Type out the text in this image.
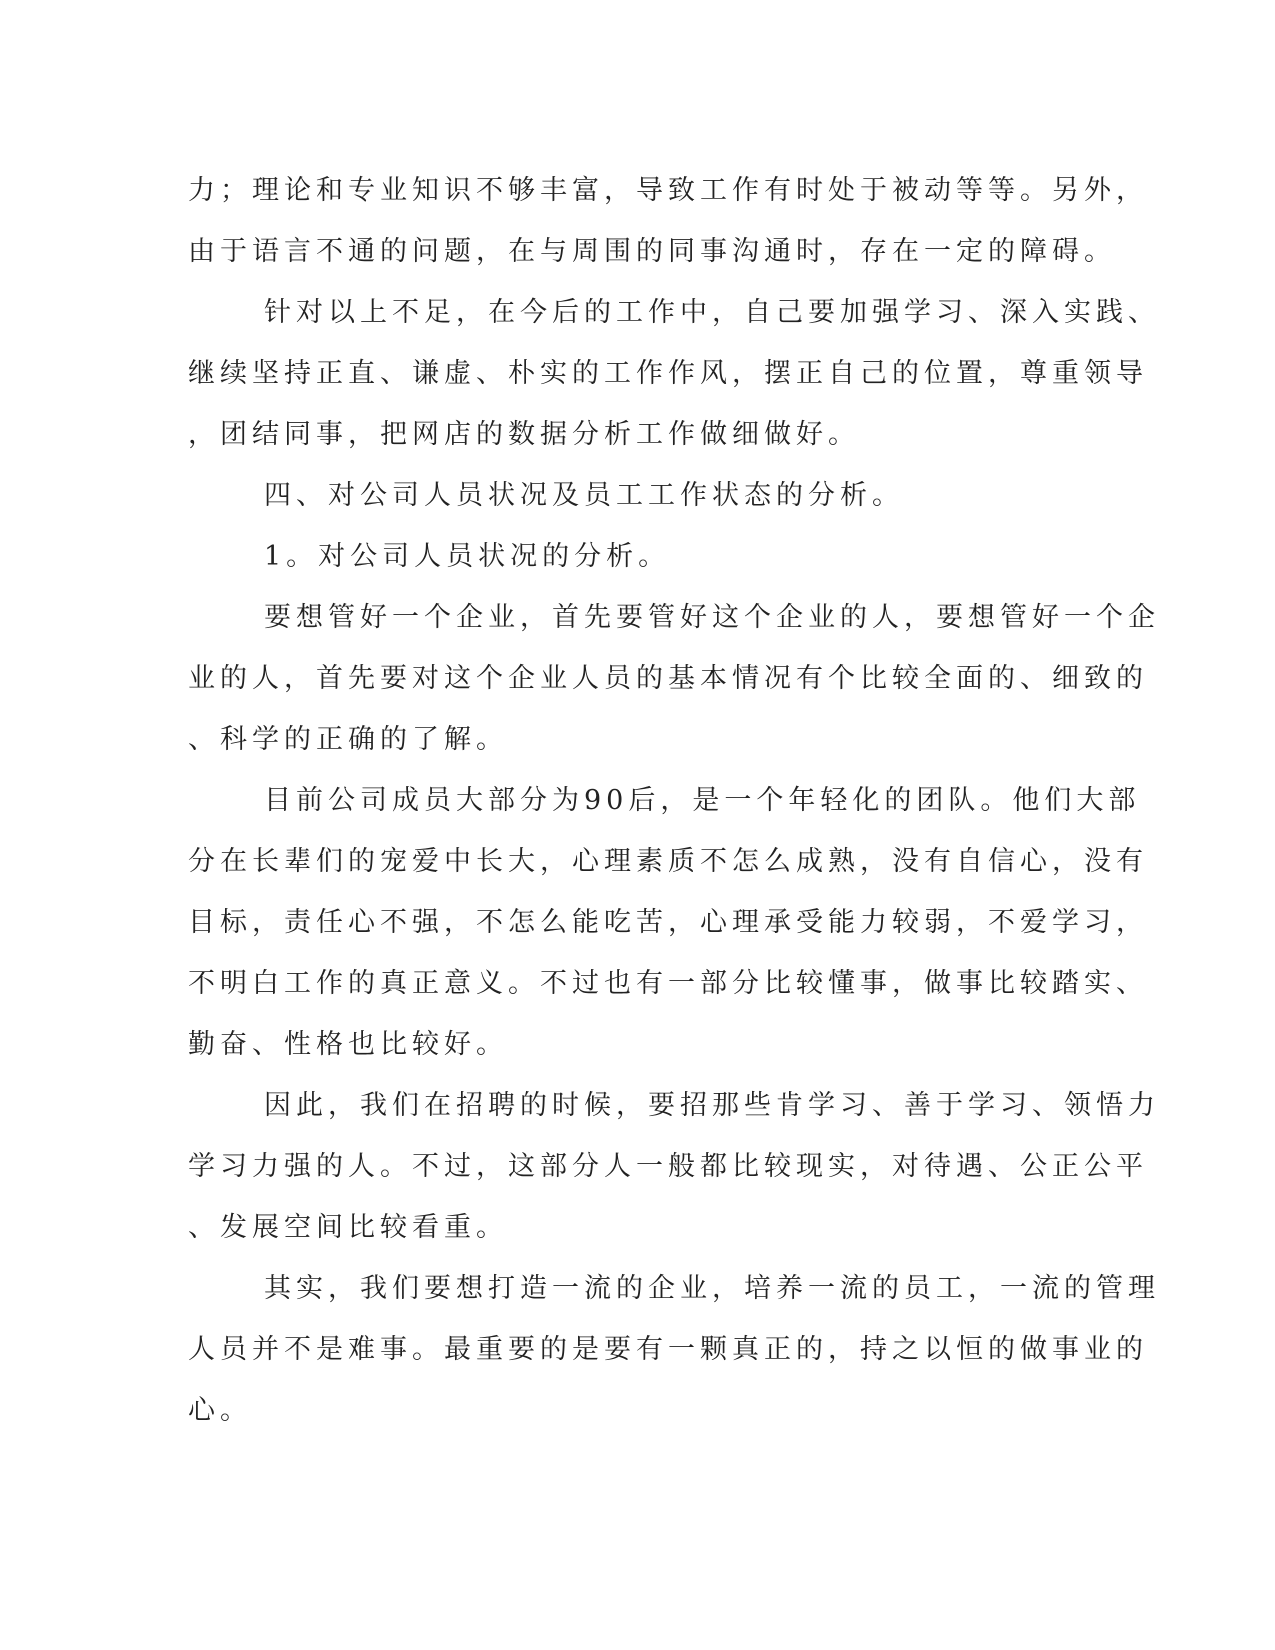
力；理论和专业知识不够丰富，导致工作有时处于被动等等。另外，
由于语言不通的问题，在与周围的同事沟通时，存在一定的障碍。
针对以上不足，在今后的工作中，自己要加强学习、深入实践、
继续坚持正直、谦虚、朴实的工作作风，摆正自己的位置，尊重领导
，团结同事，把网店的数据分析工作做细做好。
四、对公司人员状况及员工工作状态的分析。
1。对公司人员状况的分析。
要想管好一个企业，首先要管好这个企业的人，要想管好一个企
业的人，首先要对这个企业人员的基本情况有个比较全面的、细致的
、科学的正确的了解。
目前公司成员大部分为90后，是一个年轻化的团队。他们大部
分在长辈们的宠爱中长大，心理素质不怎么成熟，没有自信心，没有
目标，责任心不强，不怎么能吃苦，心理承受能力较弱，不爱学习，
不明白工作的真正意义。不过也有一部分比较懂事，做事比较踏实、
勤奋、性格也比较好。
因此，我们在招聘的时候，要招那些肯学习、善于学习、领悟力
学习力强的人。不过，这部分人一般都比较现实，对待遇、公正公平
、发展空间比较看重。
其实，我们要想打造一流的企业，培养一流的员工，一流的管理
人员并不是难事。最重要的是要有一颗真正的，持之以恒的做事业的
心。
